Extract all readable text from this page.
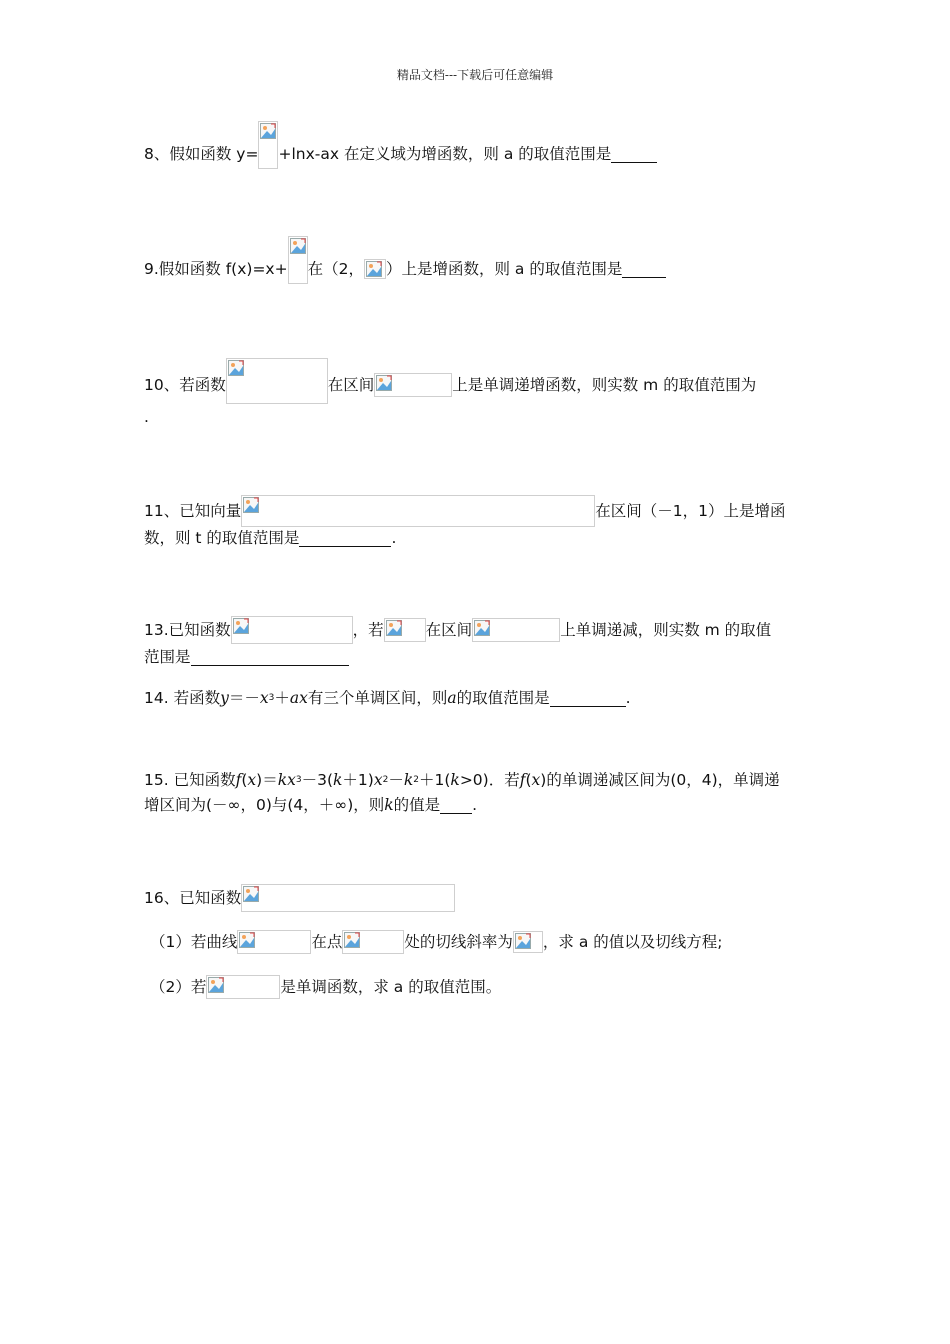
精品文档---下载后可任意编辑
8、假如函数 y= +lnx-ax 在定义域为增函数，则 a 的取值范围是
9.假如函数 f(x)=x+ 在（2， ）上是增函数，则 a 的取值范围是
10、若函数	在区间	上是单调递增函数，则实数 m 的取值范围为
.
11、已知向量	在区间（－1，1）上是增函
数，则 t 的取值范围是	.
13.已知函数	，若	在区间	上单调递减，则实数 m 的取值
范围是
14. 若函数 y ＝－ x 3 ＋ ax 有三个单调区间，则 a 的取值范围是	.
15. 已知函数 f ( x )＝ k x 3 －3( k ＋1) x 2 － k 2 ＋1( k >0)．若 f ( x )的单调递减区间为(0，4)，单调递
增区间为(－∞，0)与(4，＋∞)，则 k 的值是 .
16、已知函数
（1）若曲线	在点	处的切线斜率为 ，求 a 的值以及切线方程;
（2）若	是单调函数，求 a 的取值范围。
